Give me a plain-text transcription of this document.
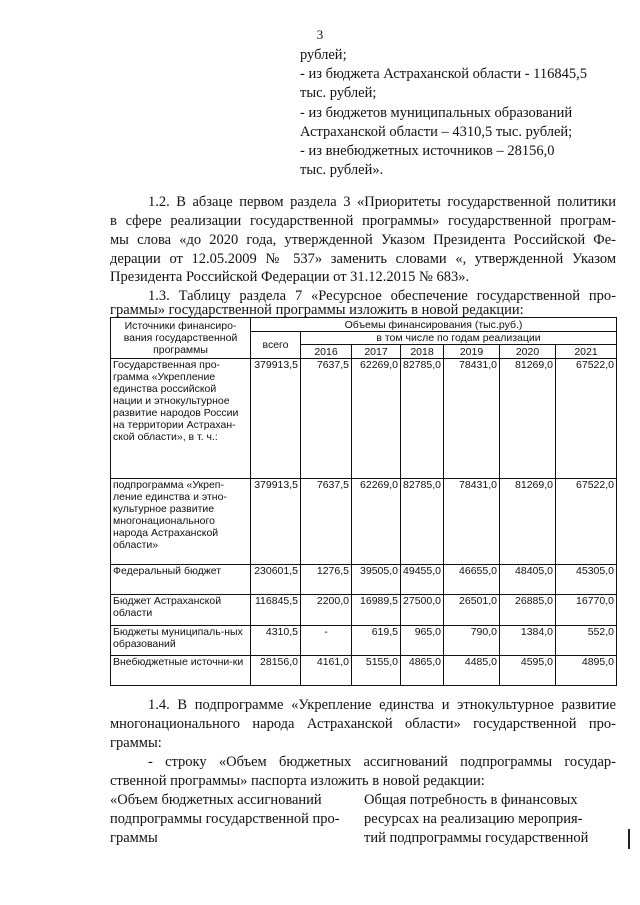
3
рублей;
- из бюджета Астраханской области - 116845,5
тыс. рублей;
- из бюджетов муниципальных образований
Астраханской области – 4310,5 тыс. рублей;
- из внебюджетных источников – 28156,0
тыс. рублей».
1.2. В абзаце первом раздела 3 «Приоритеты государственной политики
в сфере реализации государственной программы» государственной програм-
мы слова «до 2020 года, утвержденной Указом Президента Российской Фе-
дерации от 12.05.2009 № 537» заменить словами «, утвержденной Указом
Президента Российской Федерации от 31.12.2015 № 683».
1.3. Таблицу раздела 7 «Ресурсное обеспечение государственной про-
граммы» государственной программы изложить в новой редакции:
Источники финансиро-вания государственной программы	Объемы финансирования (тыс.руб.)						
	всего	в том числе по годам реализации					
		2016	2017	2018	2019	2020	2021
Государственная про-грамма «Укрепление единства российской нации и этнокультурное развитие народов России на территории Астрахан-ской области», в т. ч.:	379913,5	7637,5	62269,0	82785,0	78431,0	81269,0	67522,0
подпрограмма «Укреп-ление единства и этно-культурное развитие многонационального народа Астраханской области»	379913,5	7637,5	62269,0	82785,0	78431,0	81269,0	67522,0
Федеральный бюджет	230601,5	1276,5	39505,0	49455,0	46655,0	48405,0	45305,0
Бюджет Астраханской области	116845,5	2200,0	16989,5	27500,0	26501,0	26885,0	16770,0
Бюджеты муниципаль-ных образований	4310,5	-	619,5	965,0	790,0	1384,0	552,0
Внебюджетные источни-ки	28156,0	4161,0	5155,0	4865,0	4485,0	4595,0	4895,0
1.4. В подпрограмме «Укрепление единства и этнокультурное развитие
многонационального народа Астраханской области» государственной про-
граммы:
- строку «Объем бюджетных ассигнований подпрограммы государ-
ственной программы» паспорта изложить в новой редакции:
«Объем бюджетных ассигнований
подпрограммы государственной про-
граммы
Общая потребность в финансовых
ресурсах на реализацию мероприя-
тий подпрограммы государственной
